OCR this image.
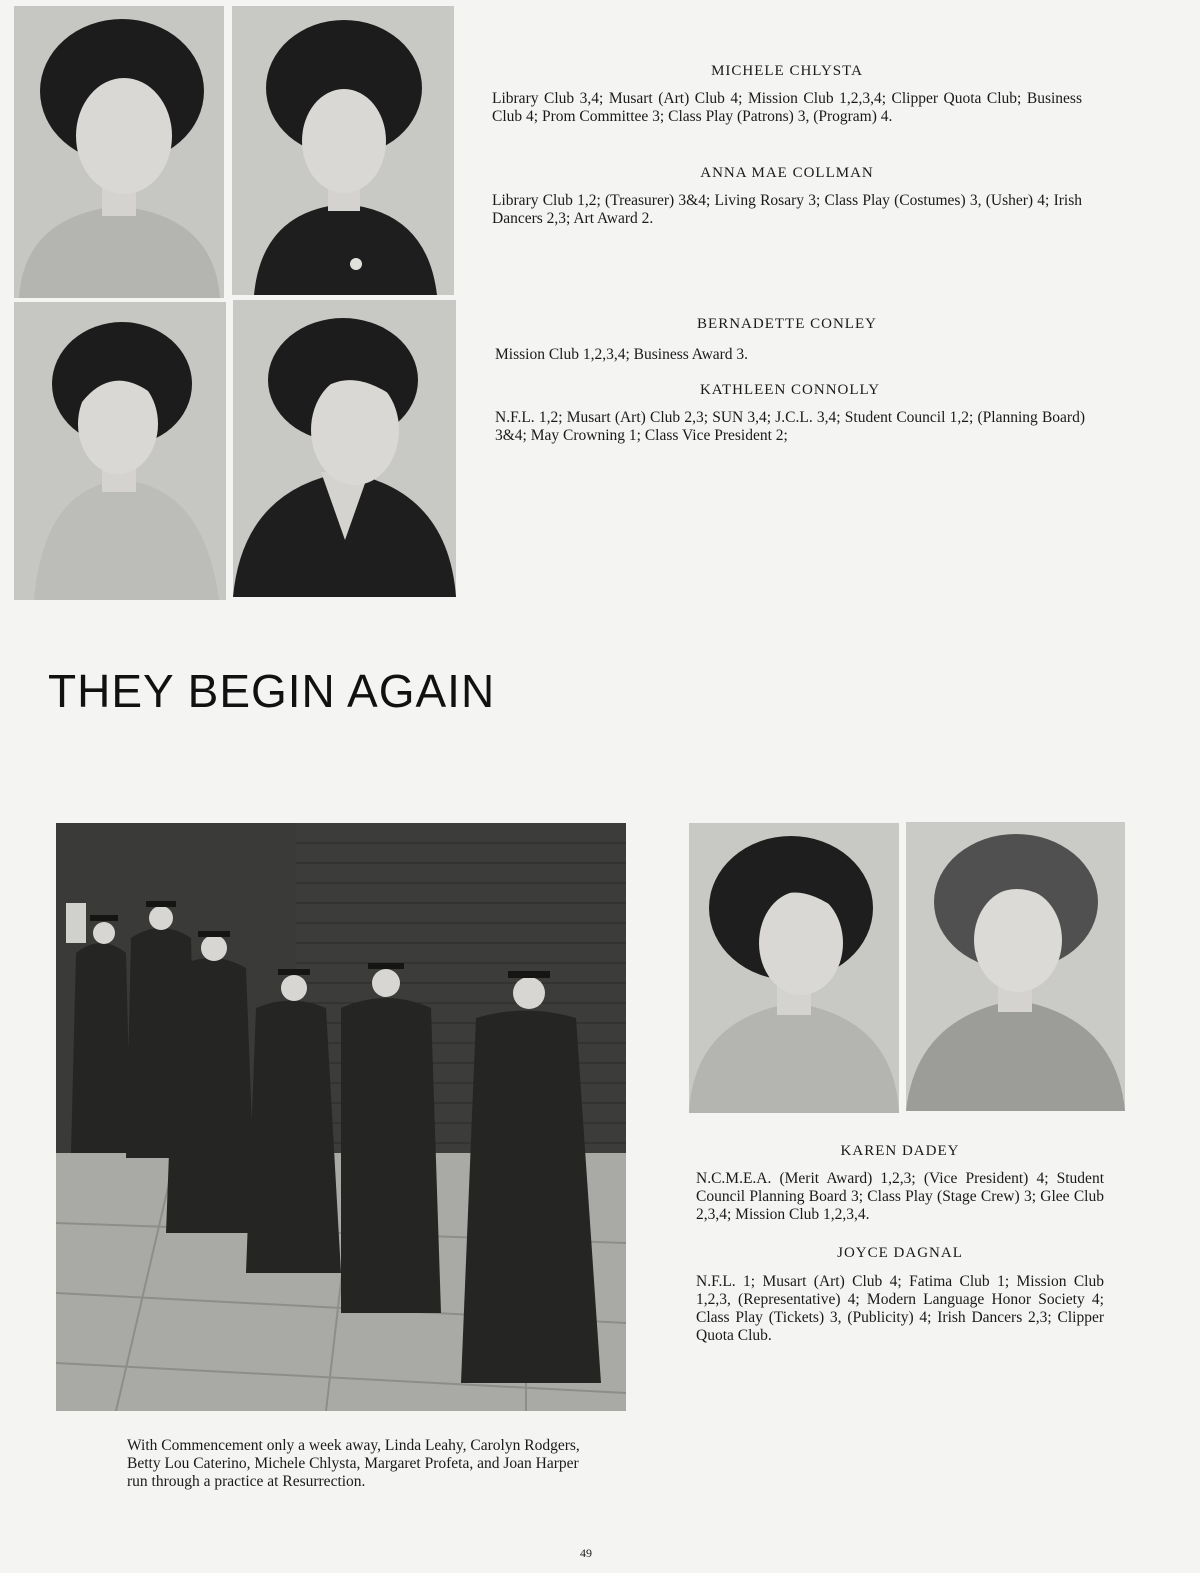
MICHELE CHLYSTA
Library Club 3,4; Musart (Art) Club 4; Mission Club 1,2,3,4; Clipper Quota Club; Business Club 4; Prom Committee 3; Class Play (Patrons) 3, (Program) 4.
ANNA MAE COLLMAN
Library Club 1,2; (Treasurer) 3&4; Living Rosary 3; Class Play (Costumes) 3, (Usher) 4; Irish Dancers 2,3; Art Award 2.
BERNADETTE CONLEY
Mission Club 1,2,3,4; Business Award 3.
KATHLEEN CONNOLLY
N.F.L. 1,2; Musart (Art) Club 2,3; SUN 3,4; J.C.L. 3,4; Student Council 1,2; (Planning Board) 3&4; May Crowning 1; Class Vice President 2;
THEY BEGIN AGAIN
With Commencement only a week away, Linda Leahy, Carolyn Rodgers, Betty Lou Caterino, Michele Chlysta, Margaret Profeta, and Joan Harper run through a practice at Resurrection.
KAREN DADEY
N.C.M.E.A. (Merit Award) 1,2,3; (Vice President) 4; Student Council Planning Board 3; Class Play (Stage Crew) 3; Glee Club 2,3,4; Mission Club 1,2,3,4.
JOYCE DAGNAL
N.F.L. 1; Musart (Art) Club 4; Fatima Club 1; Mission Club 1,2,3, (Representative) 4; Modern Language Honor Society 4; Class Play (Tickets) 3, (Publicity) 4; Irish Dancers 2,3; Clipper Quota Club.
49
